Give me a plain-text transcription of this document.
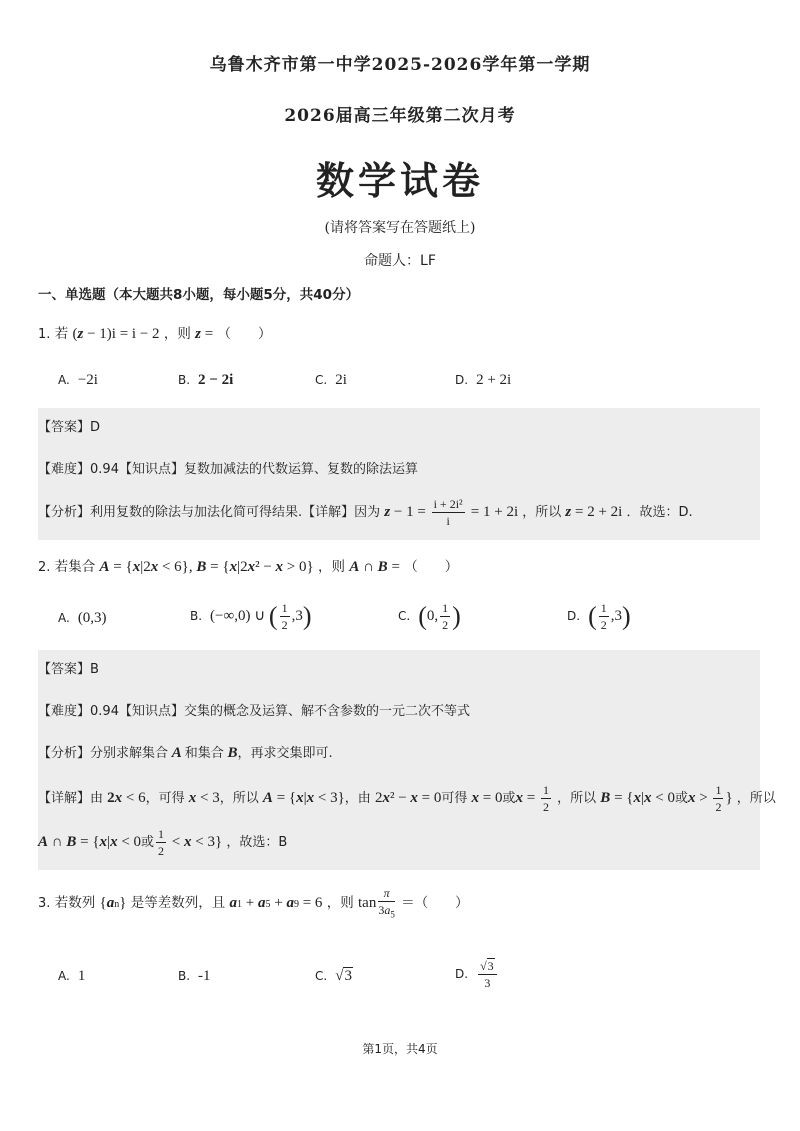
乌鲁木齐市第一中学2025-2026学年第一学期
2026届高三年级第二次月考
数学试卷
(请将答案写在答题纸上)
命题人：LF
一、单选题（本大题共8小题，每小题5分，共40分）
1. 若 (z − 1)i = i − 2 ，则 z = （　　）
A. −2i	B. 2 − 2i	C. 2i	D. 2 + 2i
【答案】D
【难度】0.94【知识点】复数加减法的代数运算、复数的除法运算
【分析】利用复数的除法与加法化简可得结果.【详解】因为 $z - 1 = \frac{\text{i + 2i²}}{i} = 1 + 2i$ ，所以 z = 2 + 2i ．故选：D.
2. 若集合 A = {x|2x < 6}, B = {x|2x² − x > 0} ，则 A ∩ B = （　　）
A. (0,3)	B. (−∞,0) ∪ ( $\frac{1}{2} ,3$)	C. (0, $\frac{1}{2}$ )	D. ( $\frac{1}{2} ,3$)
【答案】B
【难度】0.94【知识点】交集的概念及运算、解不含参数的一元二次不等式
【分析】分别求解集合 A 和集合 B，再求交集即可.
【详解】由 2x < 6，可得 x < 3，所以 A = {x|x < 3}，由 2x² − x = 0可得 x = 0或$x = \frac{1}{2}$ ，所以 B = {x|x < 0或$x > \frac{1}{2}$ } ，所以
A ∩ B = {x|x < 0或 $\frac{1}{2} < x < 3$} ，故选：B
3. 若数列 {an} 是等差数列，且 a1 + a5 + a9 = 6 ，则 $\tan \frac{\pi}{3a_5}$ ＝（　　）
A. 1	B. -1	C. √3	D. $\frac{√3}{3}$
第1页，共4页
